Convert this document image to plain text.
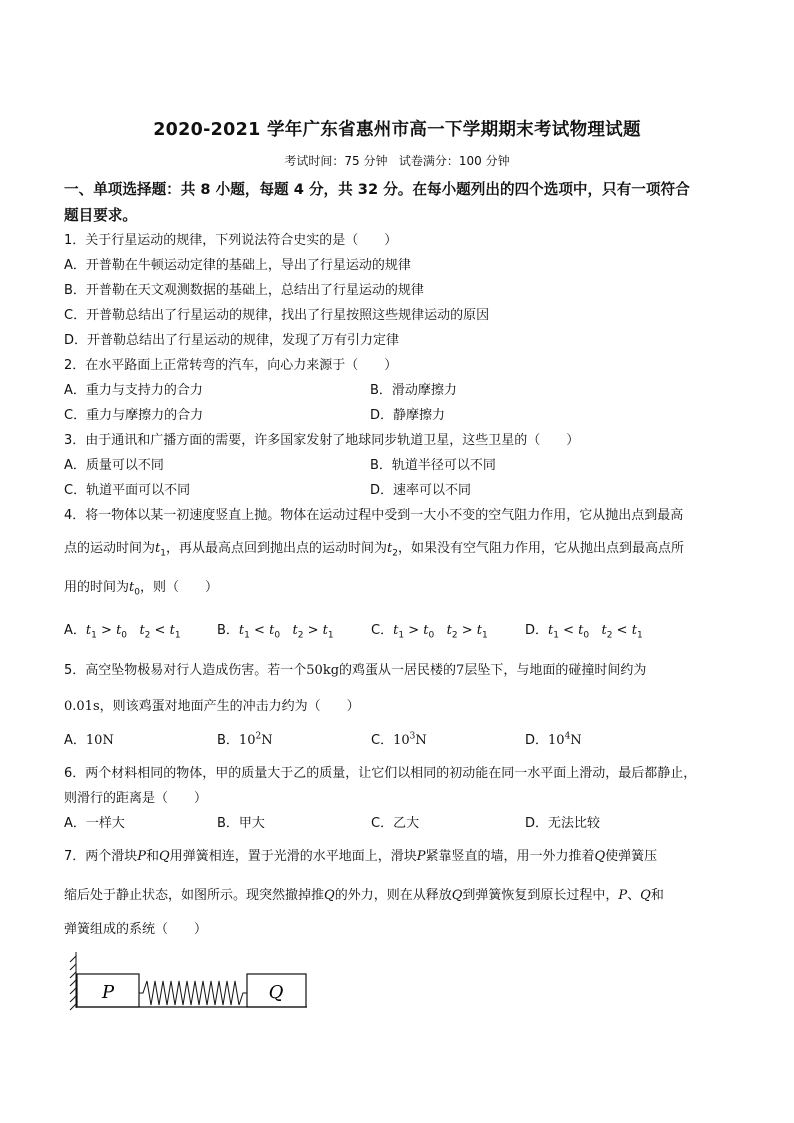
2020-2021 学年广东省惠州市高一下学期期末考试物理试题
考试时间：75 分钟 试卷满分：100 分钟
一、单项选择题：共 8 小题，每题 4 分，共 32 分。在每小题列出的四个选项中，只有一项符合
题目要求。
1．关于行星运动的规律，下列说法符合史实的是（　　）
A．开普勒在牛顿运动定律的基础上，导出了行星运动的规律
B．开普勒在天文观测数据的基础上，总结出了行星运动的规律
C．开普勒总结出了行星运动的规律，找出了行星按照这些规律运动的原因
D．开普勒总结出了行星运动的规律，发现了万有引力定律
2．在水平路面上正常转弯的汽车，向心力来源于（　　）
A．重力与支持力的合力	B．滑动摩擦力
C．重力与摩擦力的合力	D．静摩擦力
3．由于通讯和广播方面的需要，许多国家发射了地球同步轨道卫星，这些卫星的（　　）
A．质量可以不同	B．轨道半径可以不同
C．轨道平面可以不同	D．速率可以不同
4．将一物体以某一初速度竖直上抛。物体在运动过程中受到一大小不变的空气阻力作用，它从抛出点到最高
点的运动时间为$t_1$，再从最高点回到抛出点的运动时间为$t_2$，如果没有空气阻力作用，它从抛出点到最高点所
用的时间为$t_0$，则（　　）
A．$t_1 > t_0$ $t_2 < t_1$	B．$t_1 < t_0$ $t_2 > t_1$	C．$t_1 > t_0$ $t_2 > t_1$	D．$t_1 < t_0$ $t_2 < t_1$
5．高空坠物极易对行人造成伤害。若一个50kg的鸡蛋从一居民楼的7层坠下，与地面的碰撞时间约为
0.01s，则该鸡蛋对地面产生的冲击力约为（　　）
A．10N	B．$10^2N$	C．$10^3N$	D．$10^4N$
6．两个材料相同的物体，甲的质量大于乙的质量，让它们以相同的初动能在同一水平面上滑动，最后都静止，
则滑行的距离是（　　）
A．一样大	B．甲大	C．乙大	D．无法比较
7．两个滑块P和Q用弹簧相连，置于光滑的水平地面上，滑块P紧靠竖直的墙，用一外力推着Q使弹簧压
缩后处于静止状态，如图所示。现突然撤掉推Q的外力，则在从释放Q到弹簧恢复到原长过程中，P、Q和
弹簧组成的系统（　　）
P	Q
